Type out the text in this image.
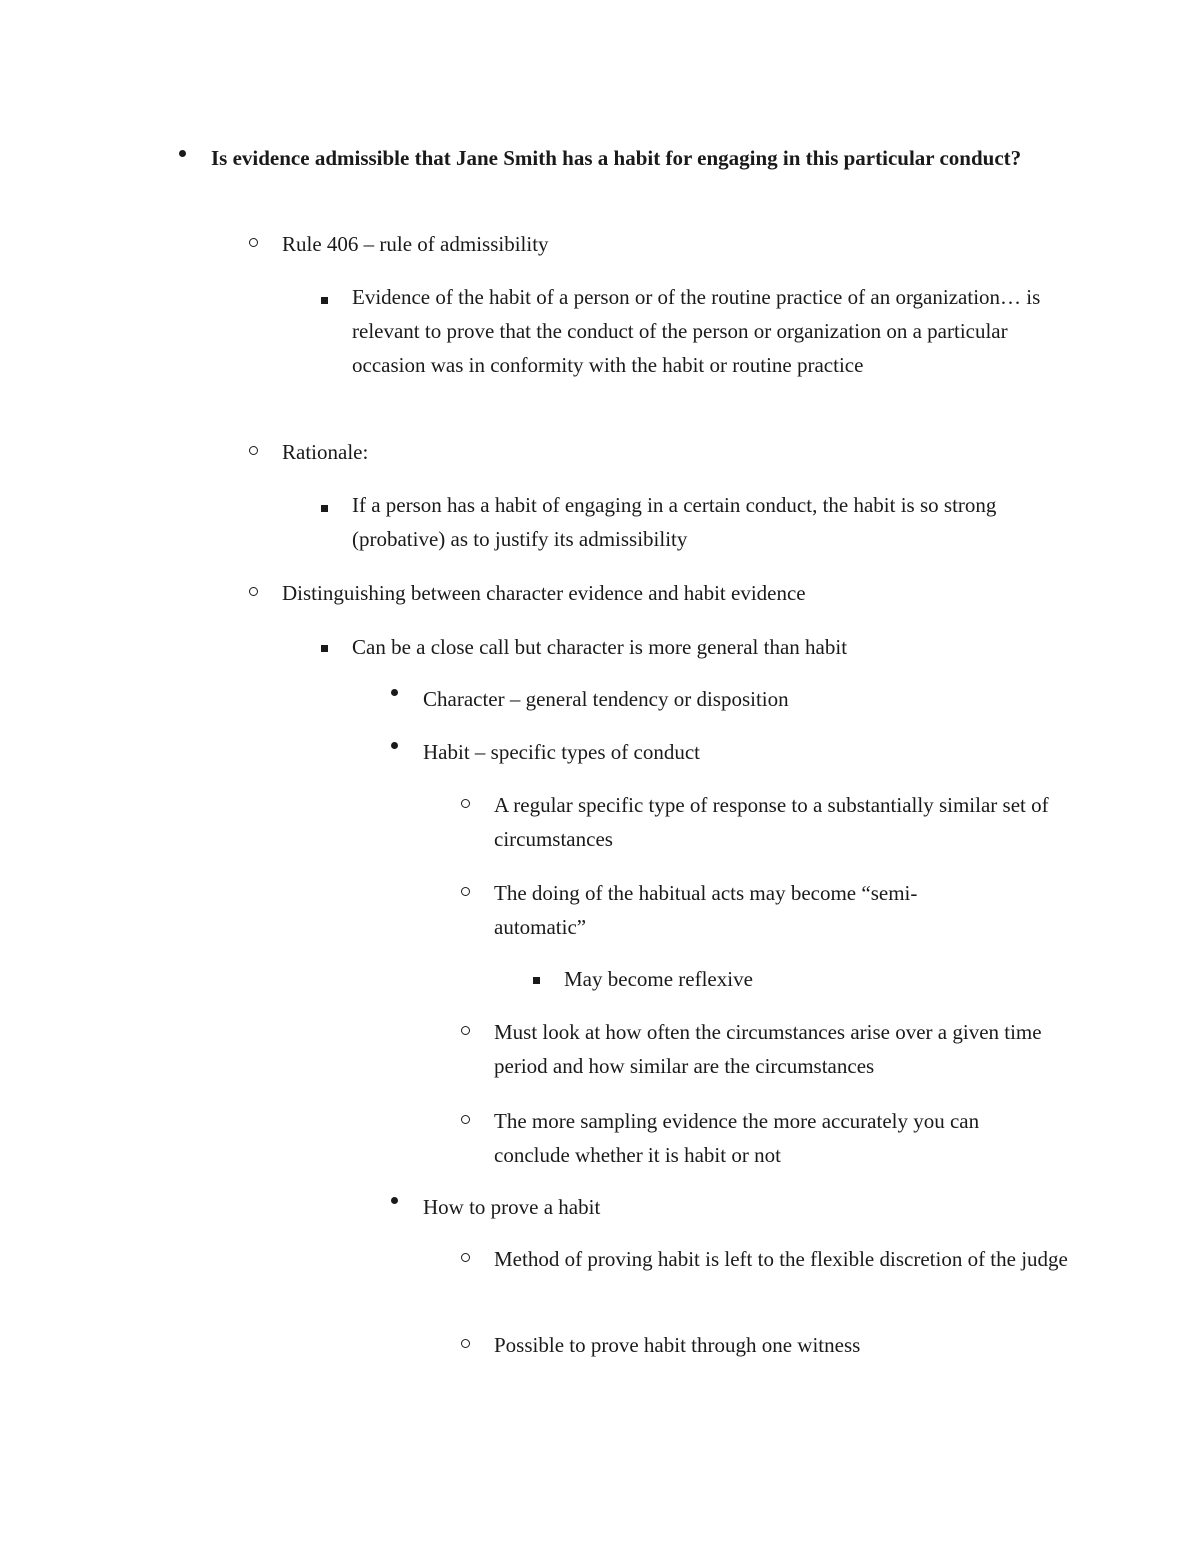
Is evidence admissible that Jane Smith has a habit for engaging in this particular conduct?
Rule 406 – rule of admissibility
Evidence of the habit of a person or of the routine practice of an organization… is relevant to prove that the conduct of the person or organization on a particular occasion was in conformity with the habit or routine practice
Rationale:
If a person has a habit of engaging in a certain conduct, the habit is so strong (probative) as to justify its admissibility
Distinguishing between character evidence and habit evidence
Can be a close call but character is more general than habit
Character – general tendency or disposition
Habit – specific types of conduct
A regular specific type of response to a substantially similar set of circumstances
The doing of the habitual acts may become “semi-automatic”
May become reflexive
Must look at how often the circumstances arise over a given time period and how similar are the circumstances
The more sampling evidence the more accurately you can conclude whether it is habit or not
How to prove a habit
Method of proving habit is left to the flexible discretion of the judge
Possible to prove habit through one witness
